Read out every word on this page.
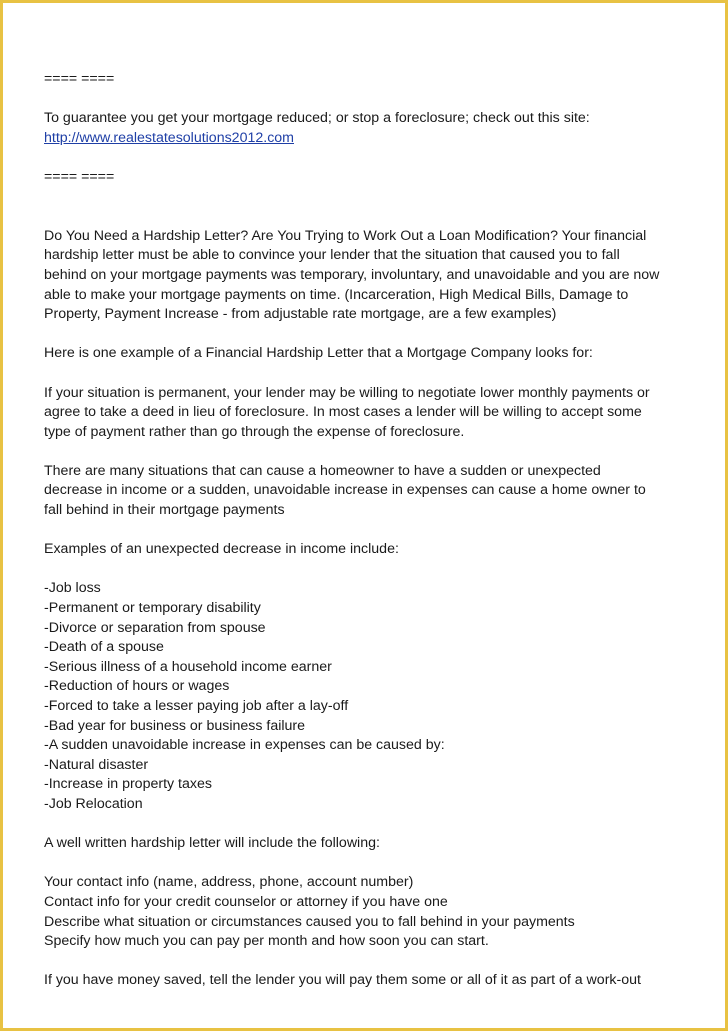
==== ====

To guarantee you get your mortgage reduced; or stop a foreclosure; check out this site:

http://www.realestatesolutions2012.com

==== ====

Do You Need a Hardship Letter? Are You Trying to Work Out a Loan Modification? Your financial
hardship letter must be able to convince your lender that the situation that caused you to fall
behind on your mortgage payments was temporary, involuntary, and unavoidable and you are now
able to make your mortgage payments on time. (Incarceration, High Medical Bills, Damage to
Property, Payment Increase - from adjustable rate mortgage, are a few examples)

Here is one example of a Financial Hardship Letter that a Mortgage Company looks for:

If your situation is permanent, your lender may be willing to negotiate lower monthly payments or
agree to take a deed in lieu of foreclosure. In most cases a lender will be willing to accept some
type of payment rather than go through the expense of foreclosure.
There are many situations that can cause a homeowner to have a sudden or unexpected
decrease in income or a sudden, unavoidable increase in expenses can cause a home owner to
fall behind in their mortgage payments

Examples of an unexpected decrease in income include:

-Job loss
-Permanent or temporary disability
-Divorce or separation from spouse
-Death of a spouse
-Serious illness of a household income earner
-Reduction of hours or wages
-Forced to take a lesser paying job after a lay-off
-Bad year for business or business failure
-A sudden unavoidable increase in expenses can be caused by:
-Natural disaster
-Increase in property taxes
-Job Relocation

A well written hardship letter will include the following:

Your contact info (name, address, phone, account number)
Contact info for your credit counselor or attorney if you have one
Describe what situation or circumstances caused you to fall behind in your payments
Specify how much you can pay per month and how soon you can start.

If you have money saved, tell the lender you will pay them some or all of it as part of a work-out
